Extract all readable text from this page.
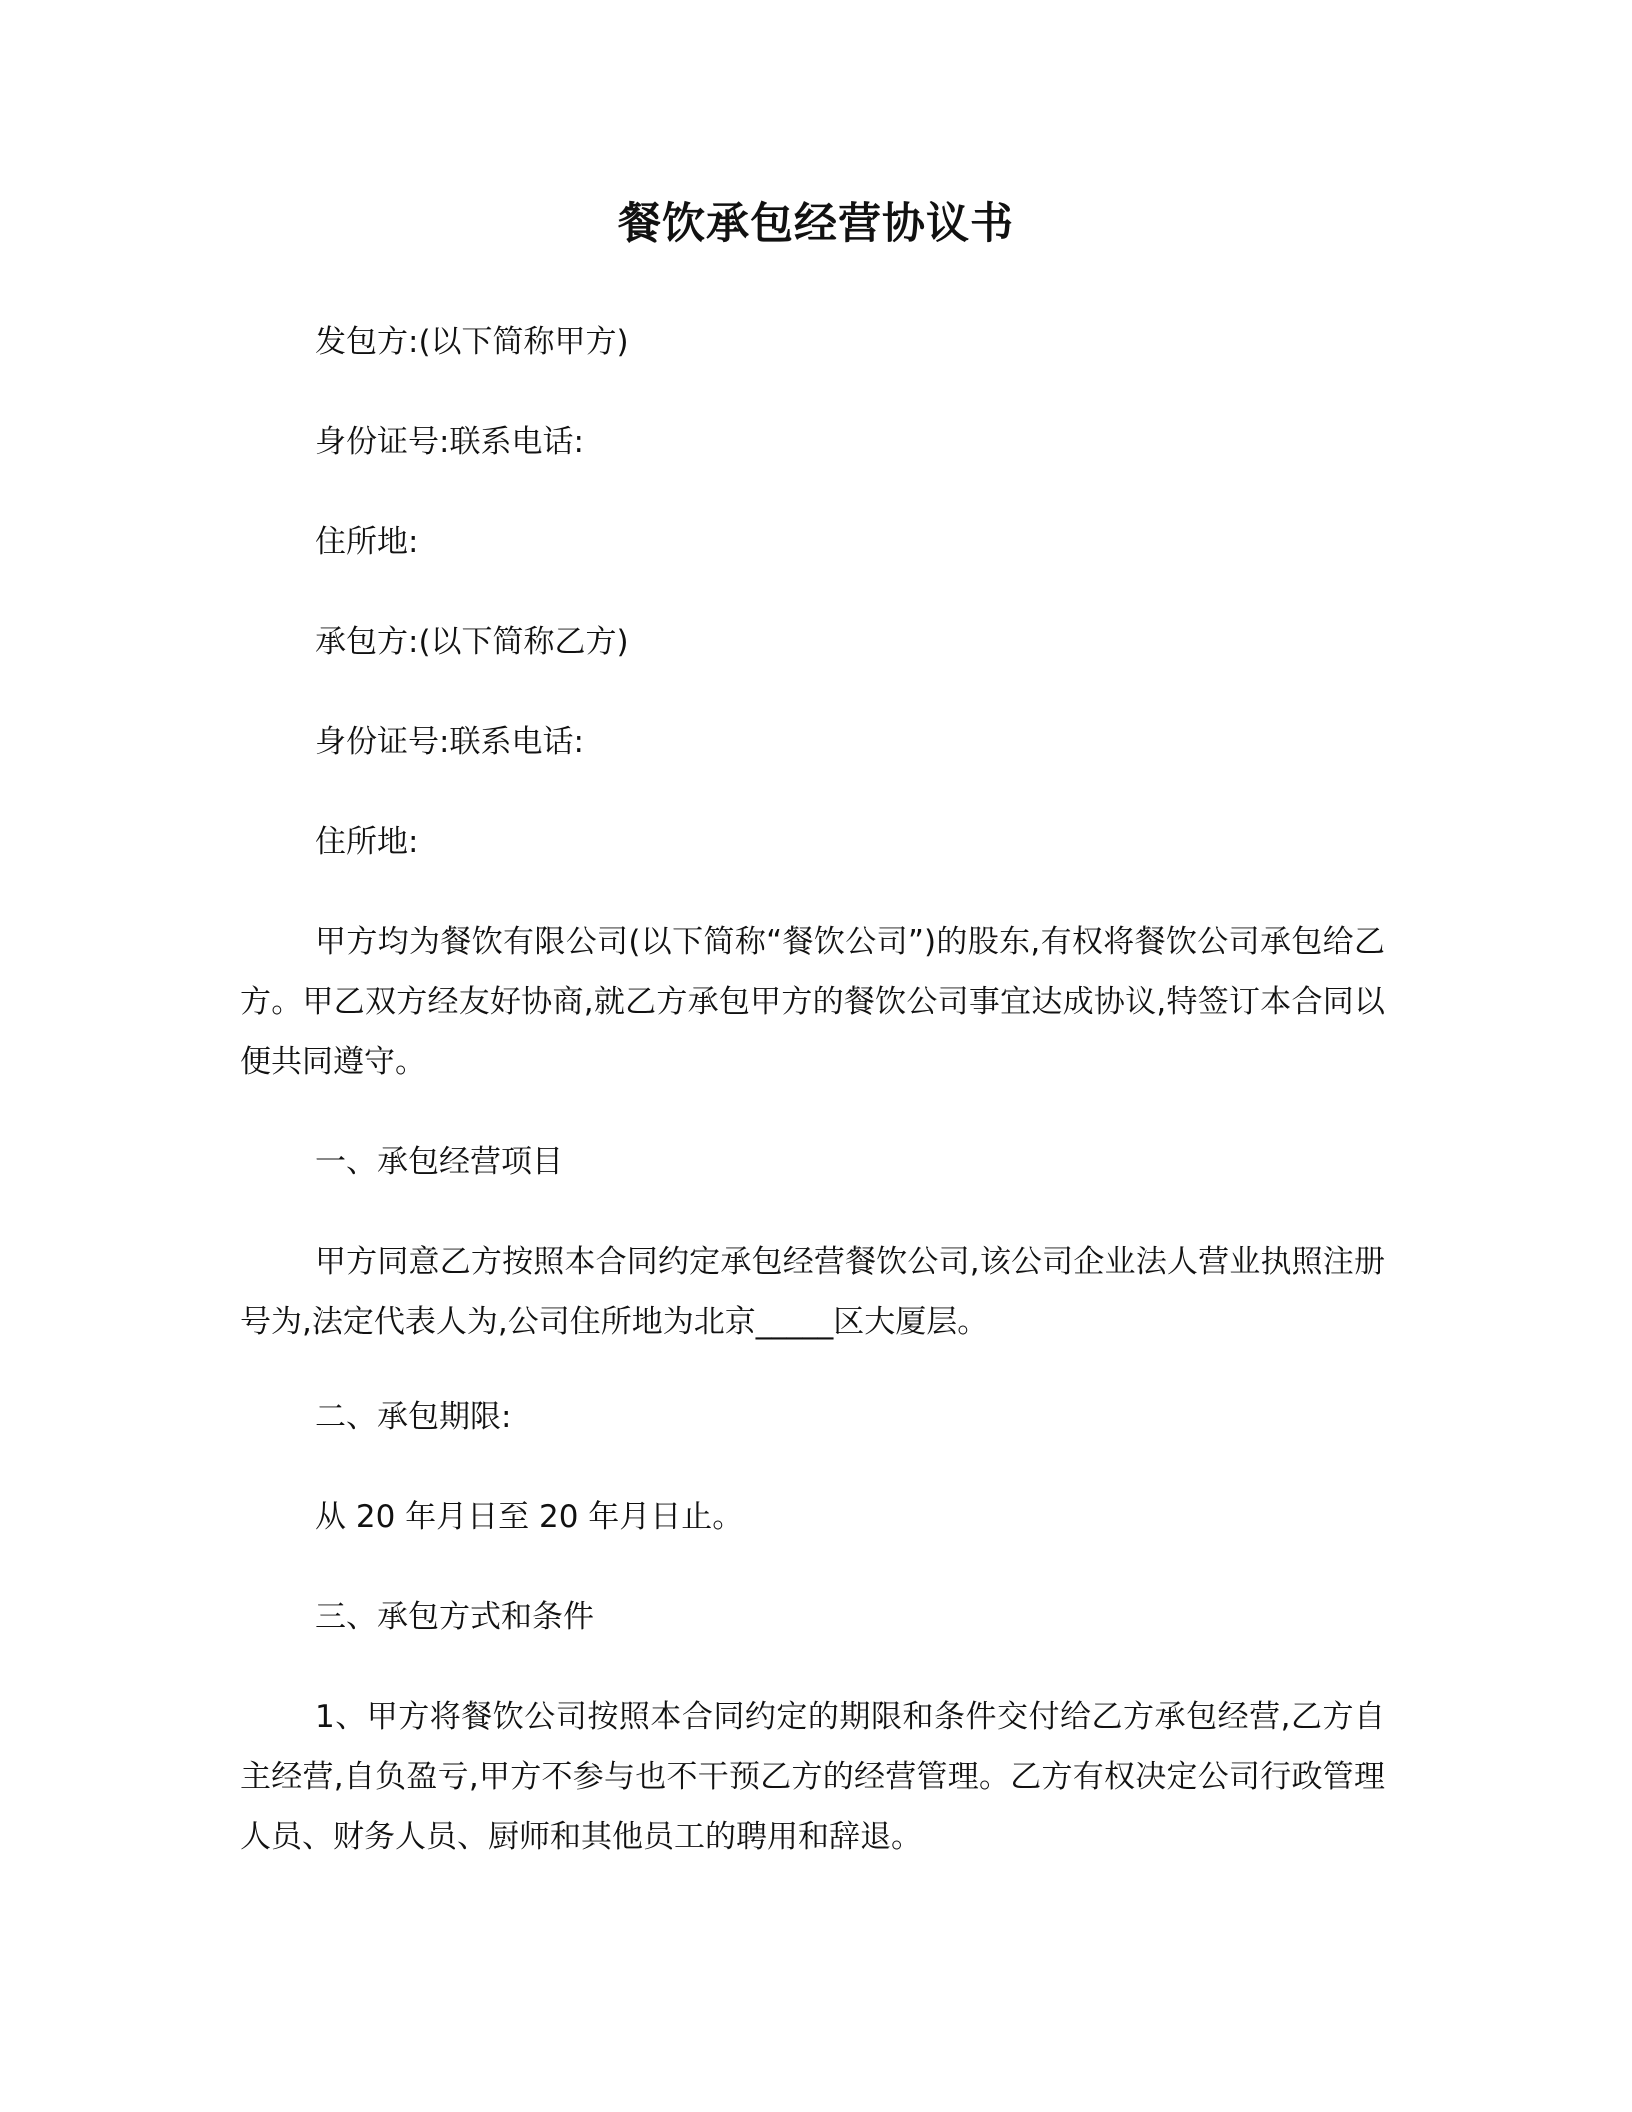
餐饮承包经营协议书
发包方:(以下简称甲方)
身份证号:联系电话:
住所地:
承包方:(以下简称乙方)
身份证号:联系电话:
住所地:
甲方均为餐饮有限公司(以下简称“餐饮公司”)的股东,有权将餐饮公司承包给乙方。甲乙双方经友好协商,就乙方承包甲方的餐饮公司事宜达成协议,特签订本合同以便共同遵守。
一、承包经营项目
甲方同意乙方按照本合同约定承包经营餐饮公司,该公司企业法人营业执照注册号为,法定代表人为,公司住所地为北京_____区大厦层。
二、承包期限:
从 20 年月日至 20 年月日止。
三、承包方式和条件
1、甲方将餐饮公司按照本合同约定的期限和条件交付给乙方承包经营,乙方自主经营,自负盈亏,甲方不参与也不干预乙方的经营管理。乙方有权决定公司行政管理人员、财务人员、厨师和其他员工的聘用和辞退。
